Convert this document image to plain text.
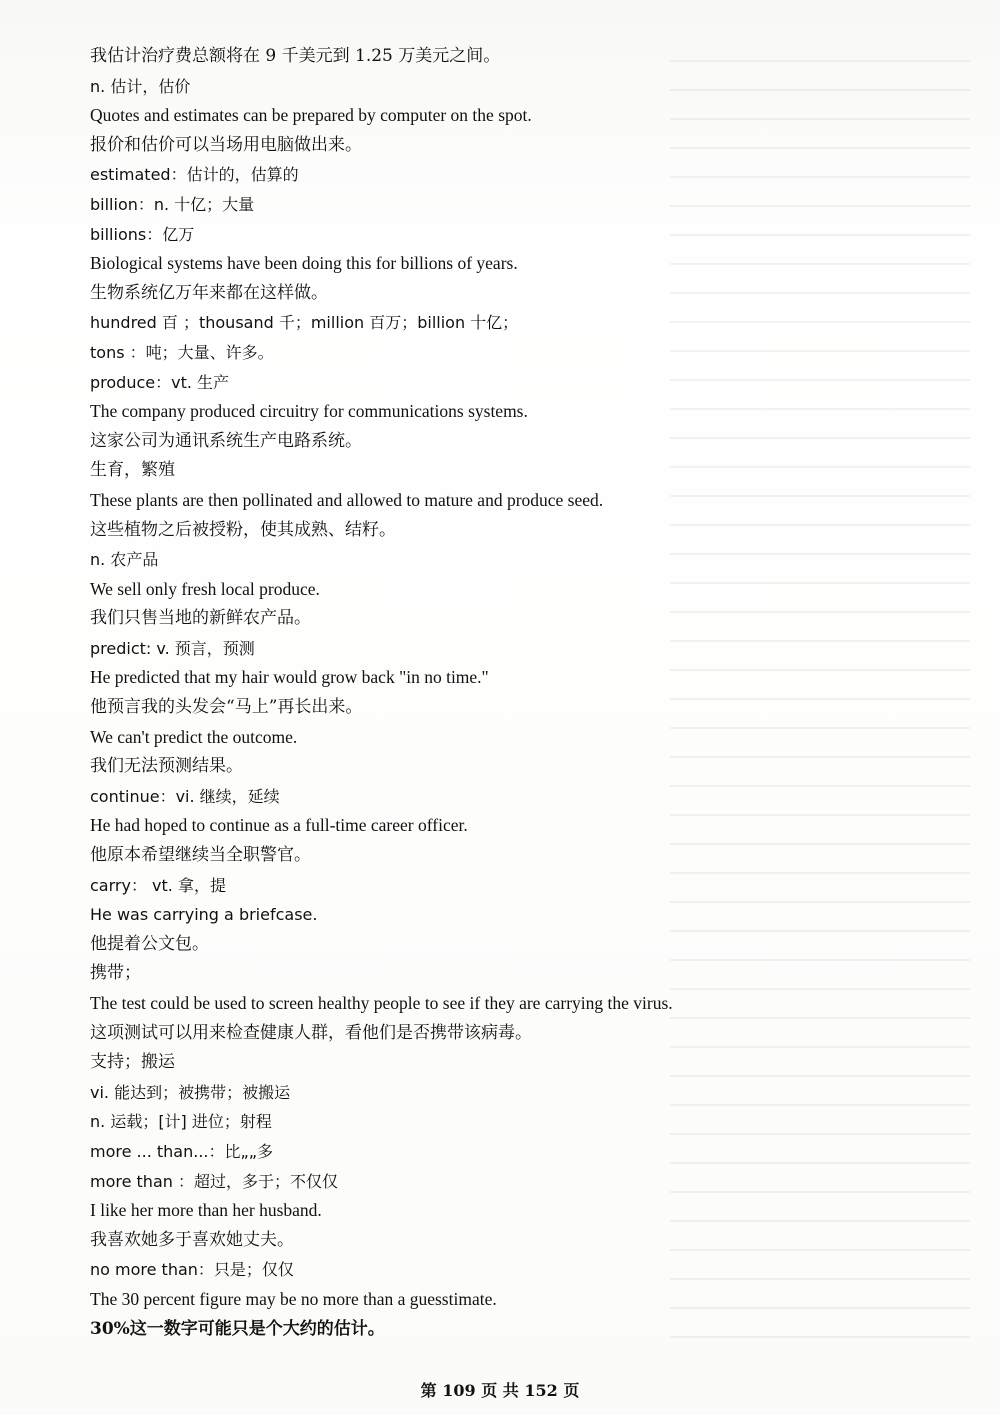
我估计治疗费总额将在 9 千美元到 1.25 万美元之间。
n. 估计，估价
Quotes and estimates can be prepared by computer on the spot.
报价和估价可以当场用电脑做出来。
estimated：估计的，估算的
billion：n. 十亿；大量
billions：亿万
Biological systems have been doing this for billions of years.
生物系统亿万年来都在这样做。
hundred 百 ；thousand 千；million 百万；billion 十亿；
tons ：吨；大量、许多。
produce：vt. 生产
The company produced circuitry for communications systems.
这家公司为通讯系统生产电路系统。
生育，繁殖
These plants are then pollinated and allowed to mature and produce seed.
这些植物之后被授粉，使其成熟、结籽。
n. 农产品
We sell only fresh local produce.
我们只售当地的新鲜农产品。
predict: v. 预言，预测
He predicted that my hair would grow back "in no time."
他预言我的头发会“马上”再长出来。
We can't predict the outcome.
我们无法预测结果。
continue：vi. 继续，延续
He had hoped to continue as a full-time career officer.
他原本希望继续当全职警官。
carry： vt. 拿，提
He was carrying a briefcase.
他提着公文包。
携带；
The test could be used to screen healthy people to see if they are carrying the virus.
这项测试可以用来检查健康人群，看他们是否携带该病毒。
支持；搬运
vi. 能达到；被携带；被搬运
n. 运载；[计] 进位；射程
more ... than...：比„„多
more than ：超过，多于；不仅仅
I like her more than her husband.
我喜欢她多于喜欢她丈夫。
no more than：只是；仅仅
The 30 percent figure may be no more than a guesstimate.
30%这一数字可能只是个大约的估计。
第 109 页 共 152 页
